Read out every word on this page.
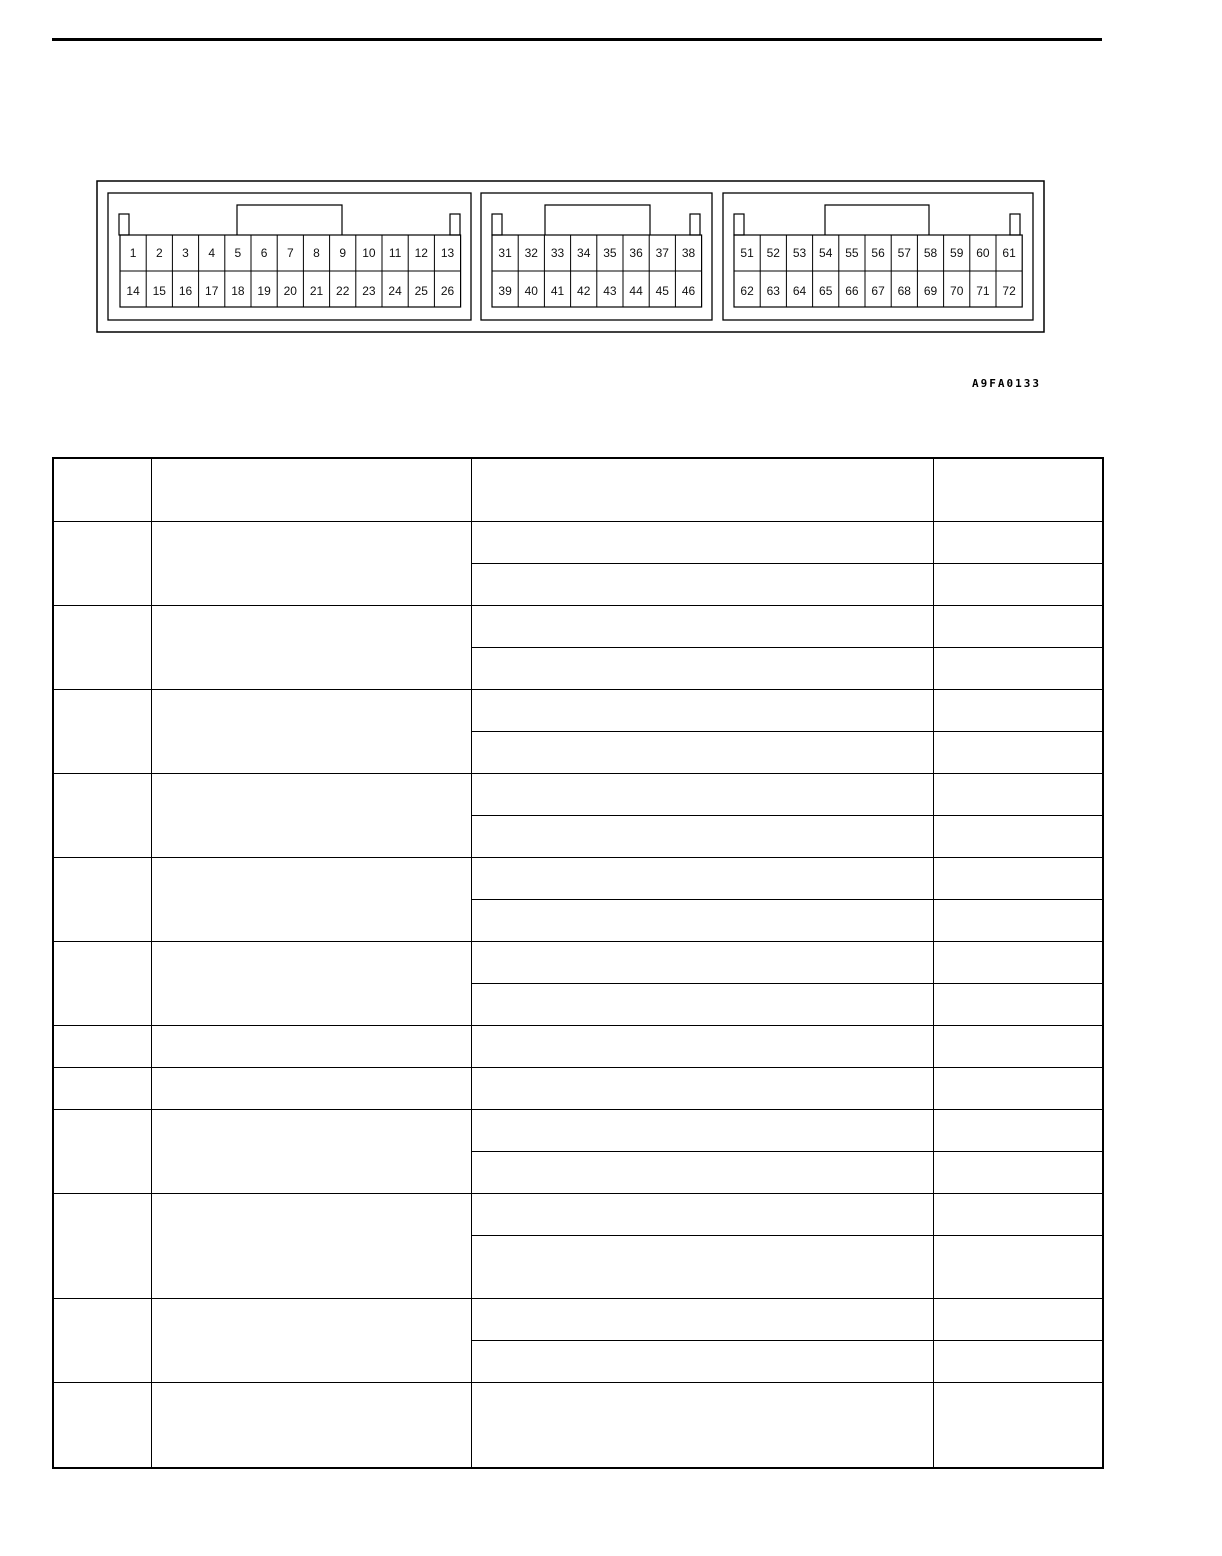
1 2 3 4 5 6 7 8 9 10 11 12 13
14 15 16 17 18 19 20 21 22 23 24 25 26
31 32 33 34 35 36 37 38
39 40 41 42 43 44 45 46
51 52 53 54 55 56 57 58 59 60 61
62 63 64 65 66 67 68 69 70 71 72
A9FA0133
